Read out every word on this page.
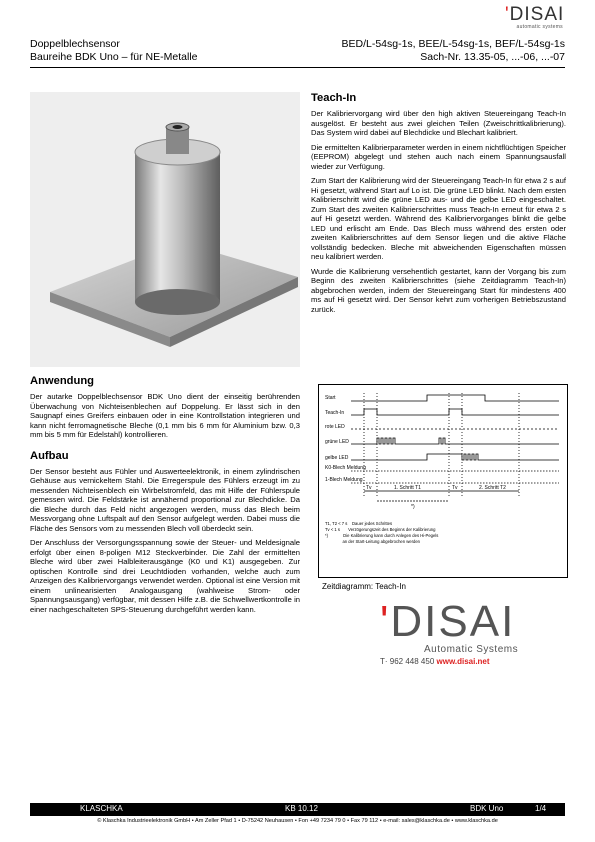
'DISAI
automatic systems
Doppelblechsensor
Baureihe BDK Uno – für NE-Metalle
BED/L-54sg-1s, BEE/L-54sg-1s, BEF/L-54sg-1s
Sach-Nr. 13.35-05, ...-06, ...-07
Anwendung

Der autarke Doppelblechsensor BDK Uno dient der einseitig berührenden Überwachung von Nichteisenblechen auf Doppelung. Er lässt sich in den Saugnapf eines Greifers einbauen oder in eine Kontrollstation integrieren und kann nicht ferromagnetische Bleche (0,1 mm bis 6 mm für Aluminium bzw. 0,3 mm bis 5 mm für Edelstahl) kontrollieren.

Aufbau

Der Sensor besteht aus Fühler und Auswerteelektronik, in einem zylindrischen Gehäuse aus vernickeltem Stahl. Die Erregerspule des Fühlers erzeugt im zu messenden Nichteisenblech ein Wirbelstromfeld, das mit Hilfe der Fühlerspule gemessen wird. Die Feldstärke ist annähernd proportional zur Blechdicke. Da die Bleche durch das Feld nicht angezogen werden, muss das Blech beim Messvorgang ohne Luftspalt auf den Sensor aufgelegt werden. Dabei muss die Fläche des Sensors vom zu messenden Blech voll überdeckt sein.

Der Anschluss der Versorgungsspannung sowie der Steuer- und Meldesignale erfolgt über einen 8-poligen M12 Steckverbinder. Die Zahl der ermittelten Bleche wird über zwei Halbleiterausgänge (K0 und K1) ausgegeben. Zur optischen Kontrolle sind drei Leuchtdioden vorhanden, welche auch zum Anzeigen des Kalibriervorgangs verwendet werden. Optional ist eine Version mit einem unlinearisierten Analogausgang (wahlweise Strom- oder Spannungsausgang) verfügbar, mit dessen Hilfe z.B. die Schwellwertkontrolle in einer nachgeschalteten SPS-Steuerung durchgeführt werden kann.

Teach-In

Der Kalibriervorgang wird über den high aktiven Steuereingang Teach-In ausgelöst. Er besteht aus zwei gleichen Teilen (Zweischrittkalibrierung). Das System wird dabei auf Blechdicke und Blechart kalibriert.

Die ermittelten Kalibrierparameter werden in einem nichtflüchtigen Speicher (EEPROM) abgelegt und stehen auch nach einem Spannungsausfall wieder zur Verfügung.

Zum Start der Kalibrierung wird der Steuereingang Teach-In für etwa 2 s auf Hi gesetzt, während Start auf Lo ist. Die grüne LED blinkt. Nach dem ersten Kalibrierschritt wird die grüne LED aus- und die gelbe LED eingeschaltet. Zum Start des zweiten Kalibrierschrittes muss Teach-In erneut für etwa 2 s auf Hi gesetzt werden. Während des Kalibriervorganges blinkt die gelbe LED und erlischt am Ende. Das Blech muss während des ersten oder zweiten Kalibrierschrittes auf dem Sensor liegen und die aktive Fläche vollständig bedecken. Bleche mit abweichenden Eigenschaften müssen neu kalibriert werden.

Wurde die Kalibrierung versehentlich gestartet, kann der Vorgang bis zum Beginn des zweiten Kalibrierschrittes (siehe Zeitdiagramm Teach-In) abgebrochen werden, indem der Steuereingang Start für mindestens 400 ms auf Hi gesetzt wird. Der Sensor kehrt zum vorherigen Betriebszustand zurück.

Start
Teach-In
rote LED
grüne LED
gelbe LED
K0-Blech Meldung
1-Blech Meldung
Tv	1. Schritt T1	Tv	2. Schritt T2
*)
T1, T2 < 7 s    Dauer jedes Schrittes
Tv < 1 s       Verzögerungszeit des Beginns der Kalibrierung
*)             Die Kalibrierung kann durch Anlegen des Hi-Pegels
an der Start-Leitung abgebrochen werden
Zeitdiagramm: Teach-In
'DISAI
Automatic Systems
T· 962 448 450 www.disai.net
KLASCHKA	KB 10.12	BDK Uno	1/4
© Klaschka Industrieelektronik GmbH • Am Zeller Pfad 1 • D-75242 Neuhausen • Fon +49 7234 79 0 • Fax 79 112 • e-mail: sales@klaschka.de • www.klaschka.de
